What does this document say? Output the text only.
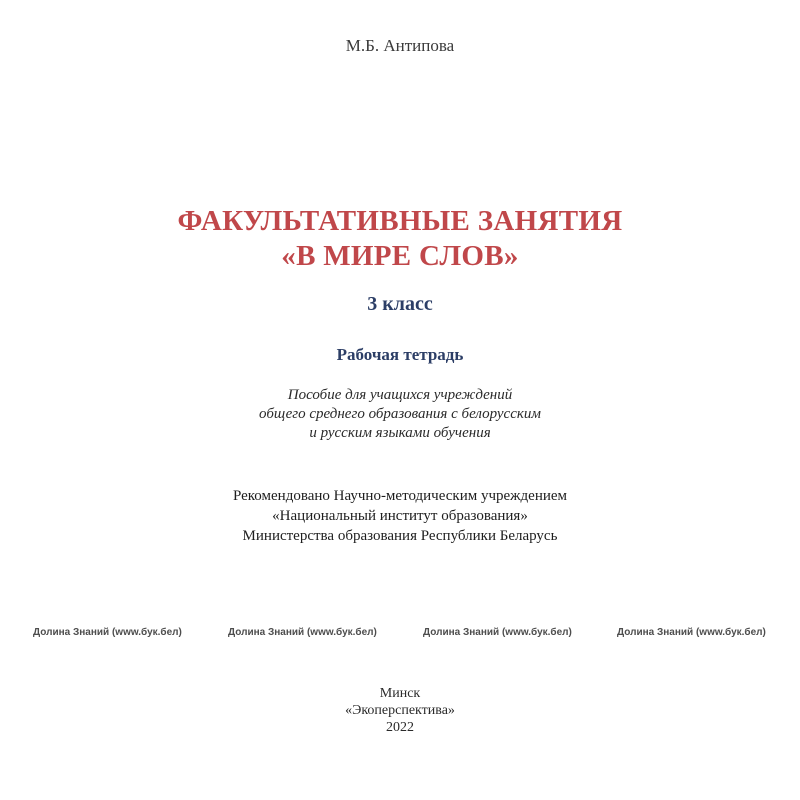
М.Б. Антипова

ФАКУЛЬТАТИВНЫЕ ЗАНЯТИЯ
«В МИРЕ СЛОВ»

3 класс

Рабочая тетрадь

Пособие для учащихся учреждений

общего среднего образования с белорусским

и русским языками обучения

Рекомендовано Научно-методическим учреждением

«Национальный институт образования»

Министерства образования Республики Беларусь

Долина Знаний (www.бук.бел)	Долина Знаний (www.бук.бел)	Долина Знаний (www.бук.бел)	Долина Знаний (www.бук.бел)

Минск

«Экоперспектива»

2022
